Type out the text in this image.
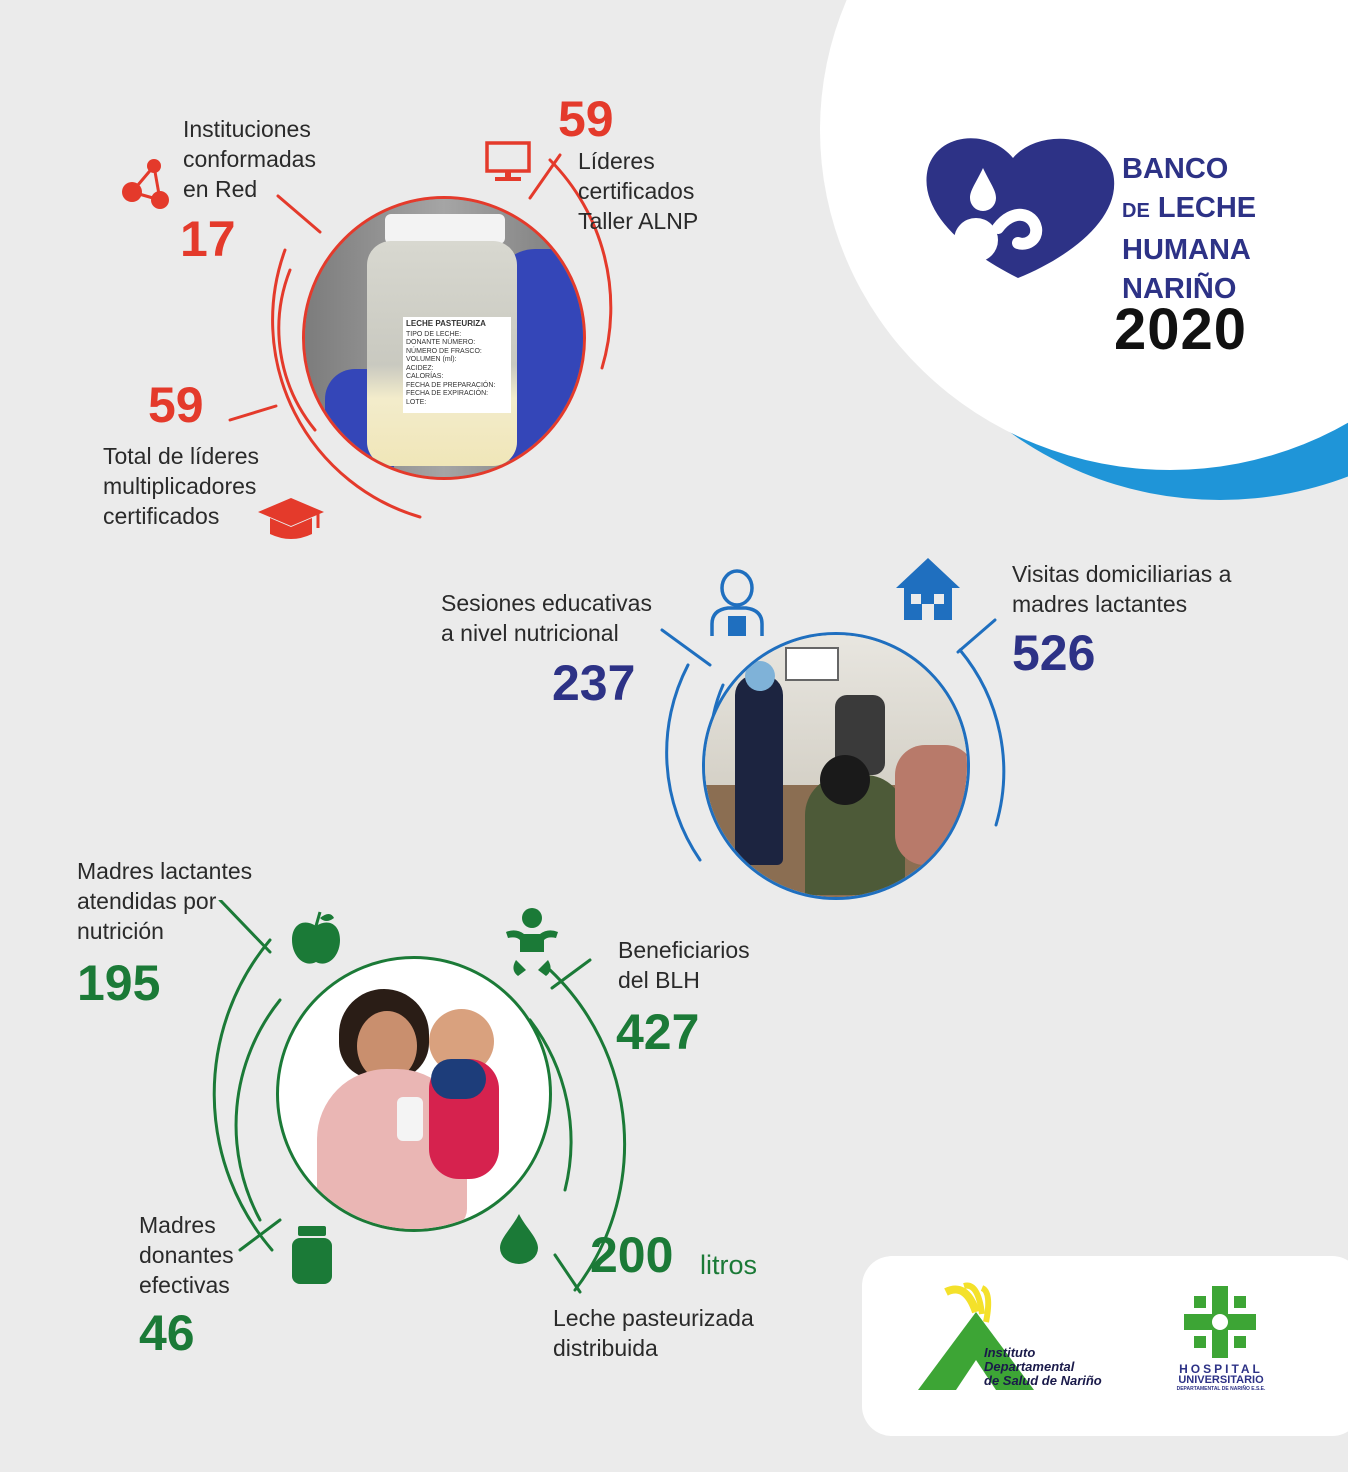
BANCO
DE LECHE
HUMANA
NARIÑO
2020
LECHE PASTEURIZA
TIPO DE LECHE:
DONANTE NÚMERO:
NÚMERO DE FRASCO:
VOLUMEN (ml):
ACIDEZ:
CALORÍAS:
FECHA DE PREPARACIÓN:
FECHA DE EXPIRACIÓN:
LOTE:
Instituciones
conformadas
en Red
17
59
Líderes
certificados
Taller ALNP
59
Total de líderes
multiplicadores
certificados
Sesiones educativas
a nivel nutricional
237
Visitas domiciliarias a
madres lactantes
526
Madres lactantes
atendidas por
nutrición
195
Beneficiarios
del BLH
427
Madres
donantes
efectivas
46
200 litros
Leche pasteurizada
distribuida	Instituto
Departamental
de Salud de Nariño
HOSPITAL
UNIVERSITARIO
DEPARTAMENTAL DE NARIÑO E.S.E.
